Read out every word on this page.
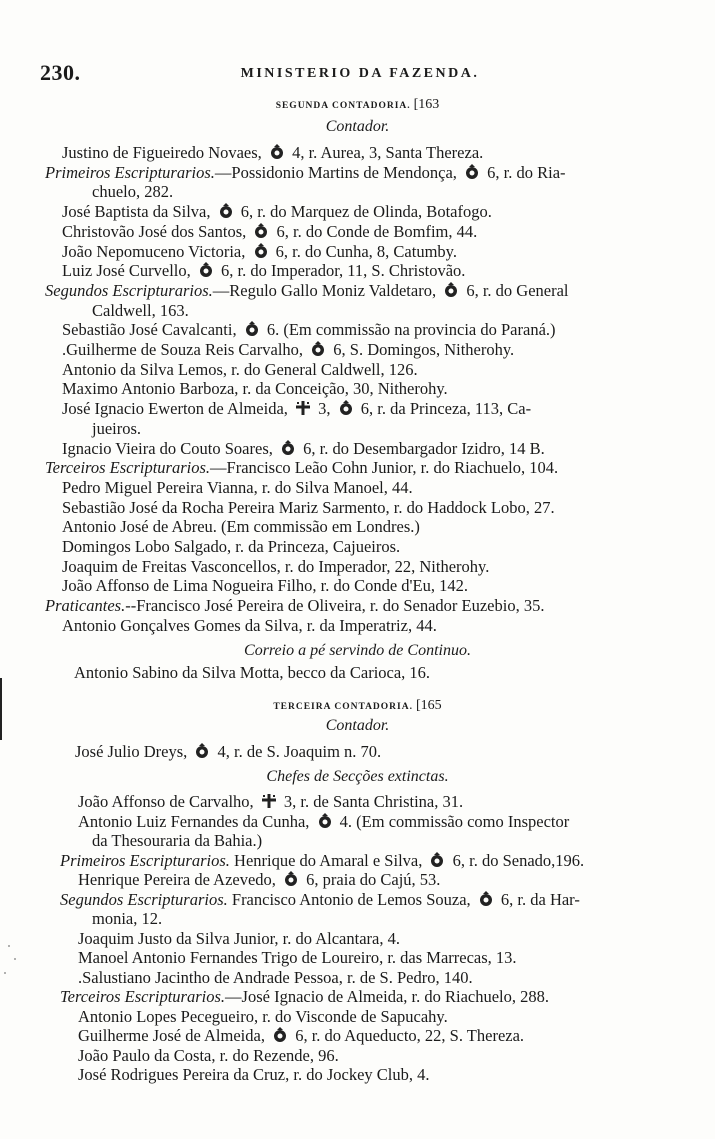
230.	MINISTERIO DA FAZENDA.
SEGUNDA CONTADORIA. [163
Contador.
Justino de Figueiredo Novaes,  4, r. Aurea, 3, Santa Thereza.
Primeiros Escripturarios.—Possidonio Martins de Mendonça,  6, r. do Ria-
chuelo, 282.
José Baptista da Silva,  6, r. do Marquez de Olinda, Botafogo.
Christovão José dos Santos,  6, r. do Conde de Bomfim, 44.
João Nepomuceno Victoria,  6, r. do Cunha, 8, Catumby.
Luiz José Curvello,  6, r. do Imperador, 11, S. Christovão.
Segundos Escripturarios.—Regulo Gallo Moniz Valdetaro,  6, r. do General
Caldwell, 163.
Sebastião José Cavalcanti,  6. (Em commissão na provincia do Paraná.)
.Guilherme de Souza Reis Carvalho,  6, S. Domingos, Nitherohy.
Antonio da Silva Lemos, r. do General Caldwell, 126.
Maximo Antonio Barboza, r. da Conceição, 30, Nitherohy.
José Ignacio Ewerton de Almeida,  3,  6, r. da Princeza, 113, Ca-
jueiros.
Ignacio Vieira do Couto Soares,  6, r. do Desembargador Izidro, 14 B.
Terceiros Escripturarios.—Francisco Leão Cohn Junior, r. do Riachuelo, 104.
Pedro Miguel Pereira Vianna, r. do Silva Manoel, 44.
Sebastião José da Rocha Pereira Mariz Sarmento, r. do Haddock Lobo, 27.
Antonio José de Abreu. (Em commissão em Londres.)
Domingos Lobo Salgado, r. da Princeza, Cajueiros.
Joaquim de Freitas Vasconcellos, r. do Imperador, 22, Nitherohy.
João Affonso de Lima Nogueira Filho, r. do Conde d'Eu, 142.
Praticantes.--Francisco José Pereira de Oliveira, r. do Senador Euzebio, 35.
Antonio Gonçalves Gomes da Silva, r. da Imperatriz, 44.
Correio a pé servindo de Continuo.
Antonio Sabino da Silva Motta, becco da Carioca, 16.
TERCEIRA CONTADORIA. [165
Contador.
José Julio Dreys,  4, r. de S. Joaquim n. 70.
Chefes de Secções extinctas.
João Affonso de Carvalho,  3, r. de Santa Christina, 31.
Antonio Luiz Fernandes da Cunha,  4. (Em commissão como Inspector
da Thesouraria da Bahia.)
Primeiros Escripturarios. Henrique do Amaral e Silva,  6, r. do Senado,196.
Henrique Pereira de Azevedo,  6, praia do Cajú, 53.
Segundos Escripturarios. Francisco Antonio de Lemos Souza,  6, r. da Har-
monia, 12.
Joaquim Justo da Silva Junior, r. do Alcantara, 4.
Manoel Antonio Fernandes Trigo de Loureiro, r. das Marrecas, 13.
.Salustiano Jacintho de Andrade Pessoa, r. de S. Pedro, 140.
Terceiros Escripturarios.—José Ignacio de Almeida, r. do Riachuelo, 288.
Antonio Lopes Pecegueiro, r. do Visconde de Sapucahy.
Guilherme José de Almeida,  6, r. do Aqueducto, 22, S. Thereza.
João Paulo da Costa, r. do Rezende, 96.
José Rodrigues Pereira da Cruz, r. do Jockey Club, 4.
